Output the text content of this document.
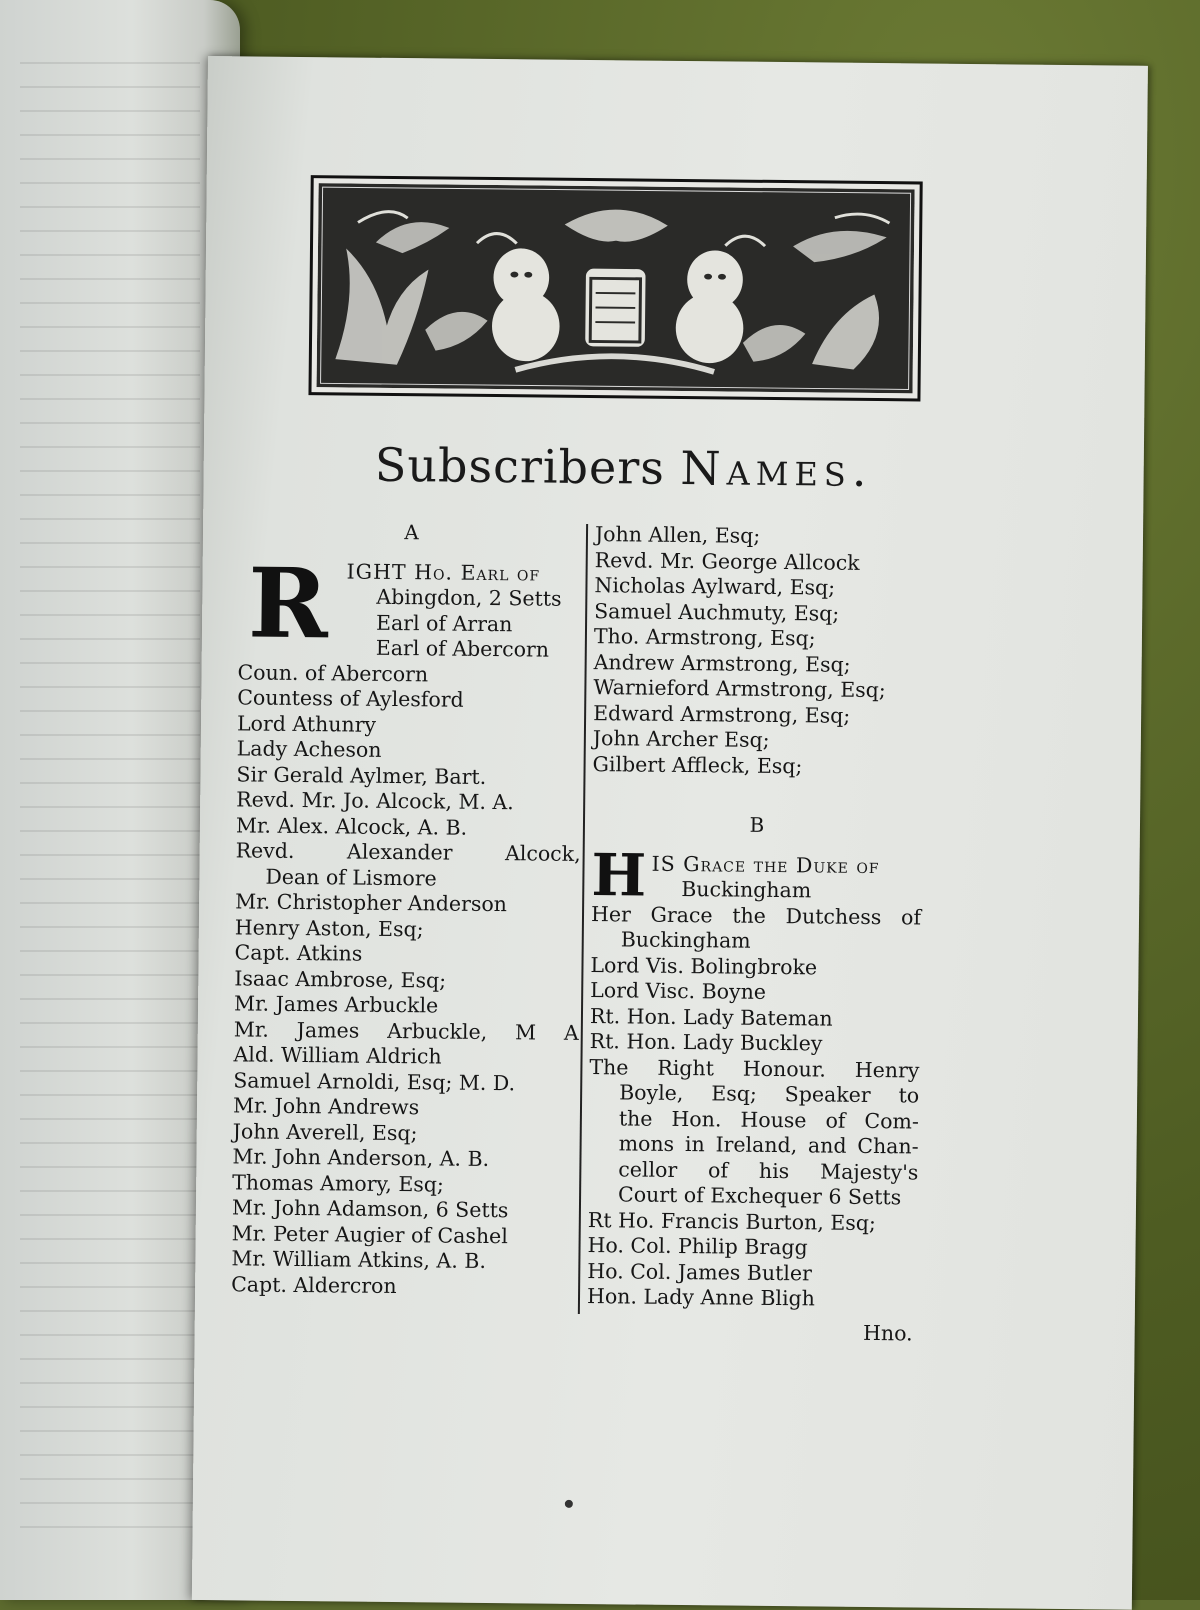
Subscribers Names.
A
R IGHT Ho. Earl of
Abingdon, 2 Setts
Earl of Arran
Earl of Abercorn
Coun. of Abercorn
Countess of Aylesford
Lord Athunry
Lady Acheson
Sir Gerald Aylmer, Bart.
Revd. Mr. Jo. Alcock, M. A.
Mr. Alex. Alcock, A. B.
Revd. Alexander Alcock,
Dean of Lismore
Mr. Christopher Anderson
Henry Aston, Esq;
Capt. Atkins
Isaac Ambrose, Esq;
Mr. James Arbuckle
Mr. James Arbuckle, M A
Ald. William Aldrich
Samuel Arnoldi, Esq; M. D.
Mr. John Andrews
John Averell, Esq;
Mr. John Anderson, A. B.
Thomas Amory, Esq;
Mr. John Adamson, 6 Setts
Mr. Peter Augier of Cashel
Mr. William Atkins, A. B.
Capt. Aldercron
John Allen, Esq;
Revd. Mr. George Allcock
Nicholas Aylward, Esq;
Samuel Auchmuty, Esq;
Tho. Armstrong, Esq;
Andrew Armstrong, Esq;
Warnieford Armstrong, Esq;
Edward Armstrong, Esq;
John Archer Esq;
Gilbert Affleck, Esq;
B
H IS Grace the Duke of
Buckingham
Her Grace the Dutchess of
Buckingham
Lord Vis. Bolingbroke
Lord Visc. Boyne
Rt. Hon. Lady Bateman
Rt. Hon. Lady Buckley
The Right Honour. Henry
Boyle, Esq; Speaker to
the Hon. House of Com-
mons in Ireland, and Chan-
cellor of his Majesty's
Court of Exchequer 6 Setts
Rt Ho. Francis Burton, Esq;
Ho. Col. Philip Bragg
Ho. Col. James Butler
Hon. Lady Anne Bligh
Hno.
